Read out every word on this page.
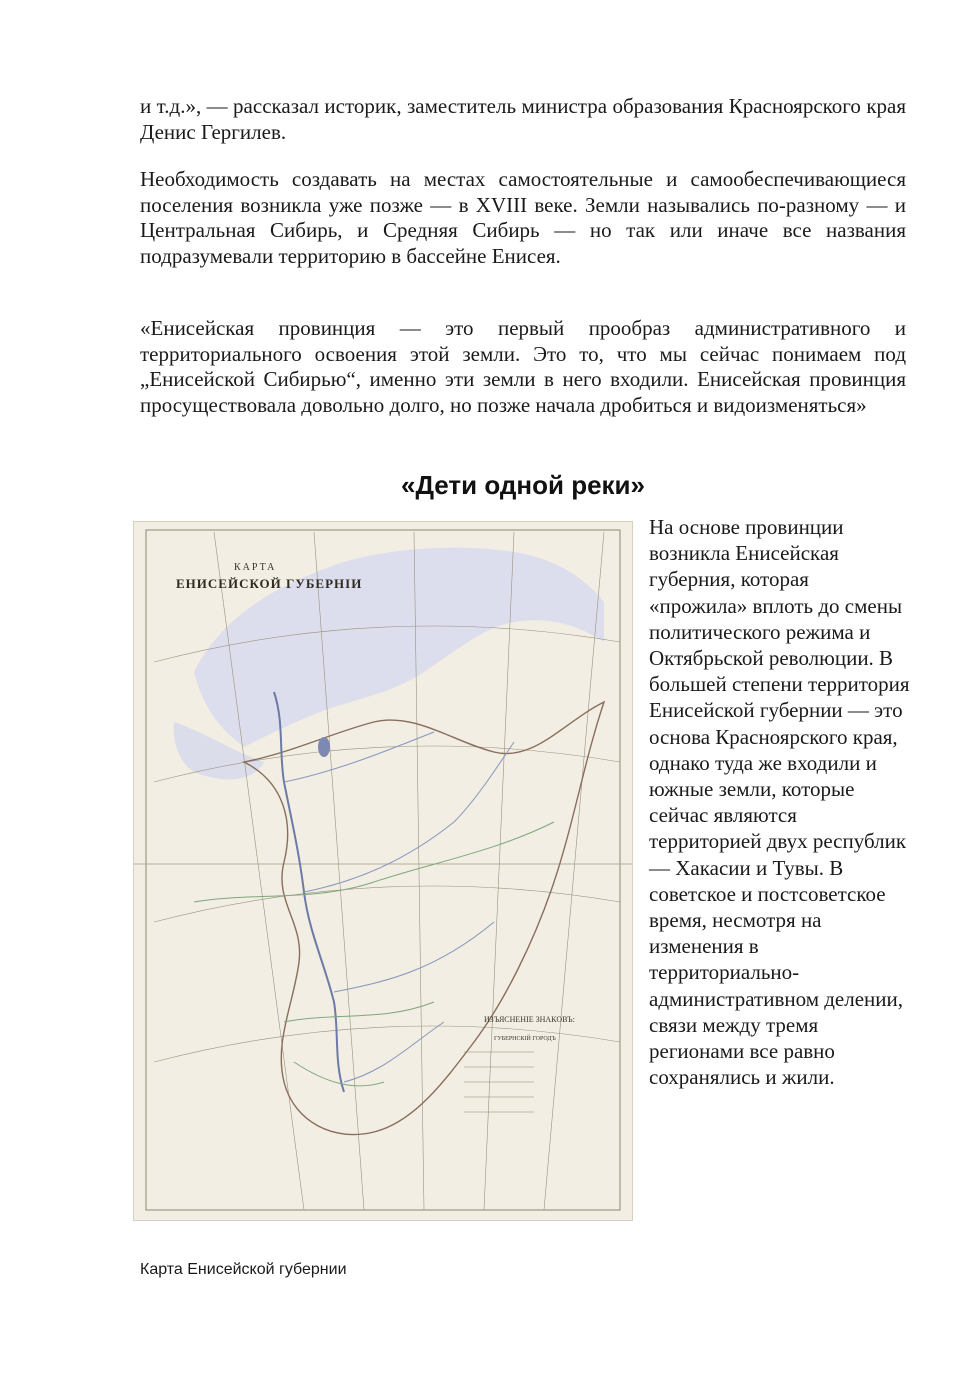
и т.д.», — рассказал историк, заместитель министра образования Красноярского края Денис Гергилев.

Необходимость создавать на местах самостоятельные и самообеспечивающиеся поселения возникла уже позже — в XVIII веке. Земли назывались по-разному — и Центральная Сибирь, и Средняя Сибирь — но так или иначе все названия подразумевали территорию в бассейне Енисея.

«Енисейская провинция — это первый прообраз административного и территориального освоения этой земли. Это то, что мы сейчас понимаем под „Енисейской Сибирью“, именно эти земли в него входили. Енисейская провинция просуществовала довольно долго, но позже начала дробиться и видоизменяться»

«Дети одной реки»
КАРТА
ЕНИСЕЙСКОЙ ГУБЕРНІИ
ИЗЪЯСНЕНІЕ ЗНАКОВЪ:
ГУБЕРНСКІЙ ГОРОДЪ

На основе провинции возникла Енисейская губерния, которая «прожила» вплоть до смены политического режима и Октябрьской революции. В большей степени территория Енисейской губернии — это основа Красноярского края, однако туда же входили и южные земли, которые сейчас являются территорией двух республик — Хакасии и Тувы. В советское и постсоветское время, несмотря на изменения в территориально-административном делении, связи между тремя регионами все равно сохранялись и жили.

Карта Енисейской губернии
